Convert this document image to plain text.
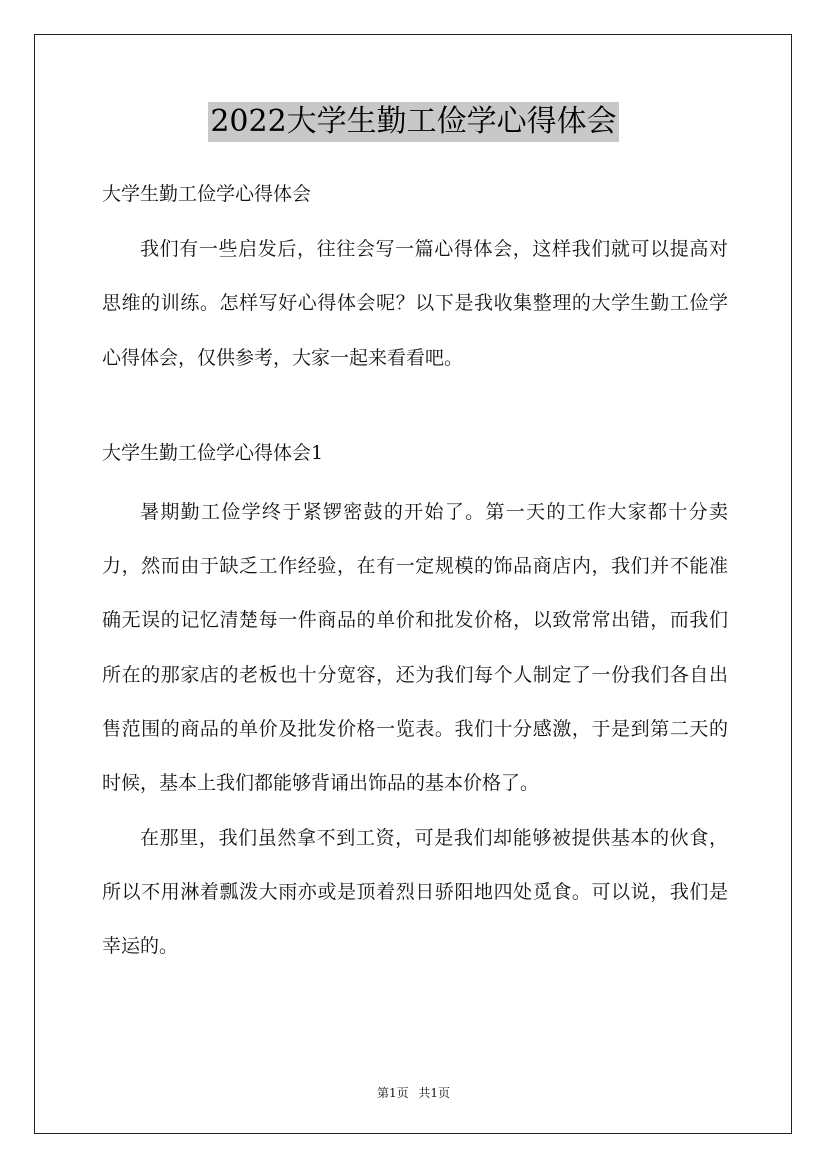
2022大学生勤工俭学心得体会

大学生勤工俭学心得体会

我们有一些启发后，往往会写一篇心得体会，这样我们就可以提高对思维的训练。怎样写好心得体会呢？以下是我收集整理的大学生勤工俭学心得体会，仅供参考，大家一起来看看吧。

大学生勤工俭学心得体会1

暑期勤工俭学终于紧锣密鼓的开始了。第一天的工作大家都十分卖力，然而由于缺乏工作经验，在有一定规模的饰品商店内，我们并不能准确无误的记忆清楚每一件商品的单价和批发价格，以致常常出错，而我们所在的那家店的老板也十分宽容，还为我们每个人制定了一份我们各自出售范围的商品的单价及批发价格一览表。我们十分感激，于是到第二天的时候，基本上我们都能够背诵出饰品的基本价格了。

在那里，我们虽然拿不到工资，可是我们却能够被提供基本的伙食，所以不用淋着瓢泼大雨亦或是顶着烈日骄阳地四处觅食。可以说，我们是幸运的。

第1页 共1页
